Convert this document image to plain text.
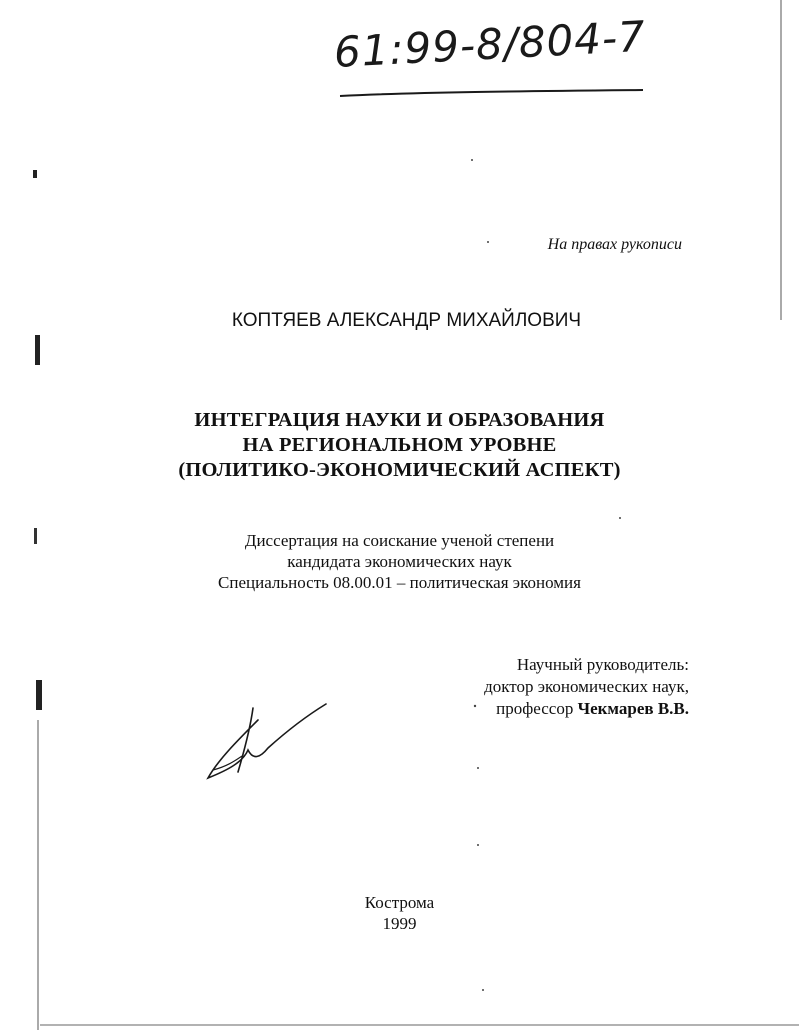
61:99-8/804-7
На правах рукописи
КОПТЯЕВ АЛЕКСАНДР МИХАЙЛОВИЧ
ИНТЕГРАЦИЯ НАУКИ И ОБРАЗОВАНИЯ
НА РЕГИОНАЛЬНОМ УРОВНЕ
(ПОЛИТИКО-ЭКОНОМИЧЕСКИЙ АСПЕКТ)
Диссертация на соискание ученой степени
кандидата экономических наук
Специальность 08.00.01 – политическая экономия
Научный руководитель:
доктор экономических наук,
профессор Чекмарев В.В.
Кострома
1999
